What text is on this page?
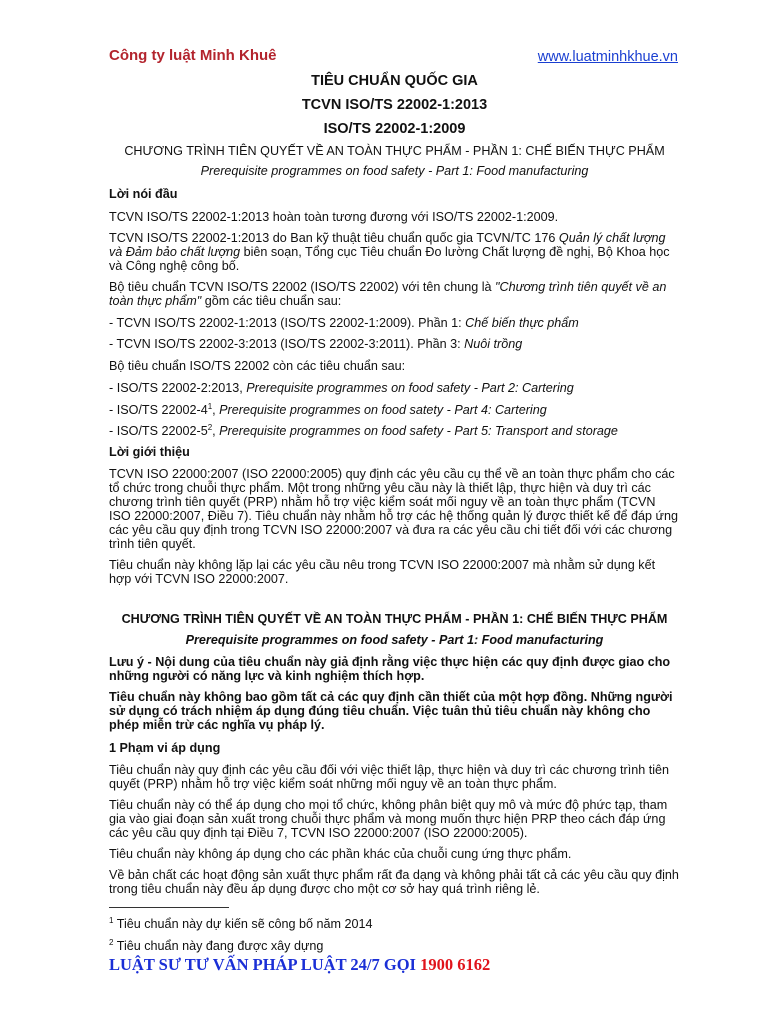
Công ty luật Minh Khuê	www.luatminhkhue.vn

TIÊU CHUẨN QUỐC GIA

TCVN ISO/TS 22002-1:2013

ISO/TS 22002-1:2009

CHƯƠNG TRÌNH TIÊN QUYẾT VỀ AN TOÀN THỰC PHẨM - PHẦN 1: CHẾ BIẾN THỰC PHẨM

Prerequisite programmes on food safety - Part 1: Food manufacturing

Lời nói đầu

TCVN ISO/TS 22002-1:2013 hoàn toàn tương đương với ISO/TS 22002-1:2009.

TCVN ISO/TS 22002-1:2013 do Ban kỹ thuật tiêu chuẩn quốc gia TCVN/TC 176 Quản lý chất lượng và Đảm bảo chất lượng biên soạn, Tổng cục Tiêu chuẩn Đo lường Chất lượng đề nghị, Bộ Khoa học và Công nghệ công bố.

Bộ tiêu chuẩn TCVN ISO/TS 22002 (ISO/TS 22002) với tên chung là "Chương trình tiên quyết về an toàn thực phẩm" gồm các tiêu chuẩn sau:

- TCVN ISO/TS 22002-1:2013 (ISO/TS 22002-1:2009). Phần 1: Chế biến thực phẩm

- TCVN ISO/TS 22002-3:2013 (ISO/TS 22002-3:2011). Phần 3: Nuôi trồng

Bộ tiêu chuẩn ISO/TS 22002 còn các tiêu chuẩn sau:

- ISO/TS 22002-2:2013, Prerequisite programmes on food safety - Part 2: Cartering

- ISO/TS $22002-4^1$, Prerequisite programmes on food satety - Part 4: Cartering

- ISO/TS $22002-5^2$, Prerequisite programmes on food safety - Part 5: Transport and storage

Lời giới thiệu

TCVN ISO 22000:2007 (ISO 22000:2005) quy định các yêu cầu cụ thể về an toàn thực phẩm cho các tổ chức trong chuỗi thực phẩm. Một trong những yêu cầu này là thiết lập, thực hiện và duy trì các chương trình tiên quyết (PRP) nhằm hỗ trợ việc kiểm soát mối nguy về an toàn thực phẩm (TCVN ISO 22000:2007, Điều 7). Tiêu chuẩn này nhằm hỗ trợ các hệ thống quản lý được thiết kế để đáp ứng các yêu cầu quy định trong TCVN ISO 22000:2007 và đưa ra các yêu cầu chi tiết đối với các chương trình tiên quyết.

Tiêu chuẩn này không lặp lại các yêu cầu nêu trong TCVN ISO 22000:2007 mà nhằm sử dụng kết hợp với TCVN ISO 22000:2007.

CHƯƠNG TRÌNH TIÊN QUYẾT VỀ AN TOÀN THỰC PHẨM - PHẦN 1: CHẾ BIẾN THỰC PHẨM

Prerequisite programmes on food safety - Part 1: Food manufacturing

Lưu ý - Nội dung của tiêu chuẩn này giả định rằng việc thực hiện các quy định được giao cho những người có năng lực và kinh nghiệm thích hợp.

Tiêu chuẩn này không bao gồm tất cả các quy định cần thiết của một hợp đồng. Những người sử dụng có trách nhiệm áp dụng đúng tiêu chuẩn. Việc tuân thủ tiêu chuẩn này không cho phép miễn trừ các nghĩa vụ pháp lý.

1 Phạm vi áp dụng

Tiêu chuẩn này quy định các yêu cầu đối với việc thiết lập, thực hiện và duy trì các chương trình tiên quyết (PRP) nhằm hỗ trợ việc kiểm soát những mối nguy về an toàn thực phẩm.

Tiêu chuẩn này có thể áp dụng cho mọi tổ chức, không phân biệt quy mô và mức độ phức tạp, tham gia vào giai đoạn sản xuất trong chuỗi thực phẩm và mong muốn thực hiện PRP theo cách đáp ứng các yêu cầu quy định tại Điều 7, TCVN ISO 22000:2007 (ISO 22000:2005).

Tiêu chuẩn này không áp dụng cho các phần khác của chuỗi cung ứng thực phẩm.

Về bản chất các hoạt động sản xuất thực phẩm rất đa dạng và không phải tất cả các yêu cầu quy định trong tiêu chuẩn này đều áp dụng được cho một cơ sở hay quá trình riêng lẻ.

$^1$ Tiêu chuẩn này dự kiến sẽ công bố năm 2014
$^2$ Tiêu chuẩn này đang được xây dựng
LUẬT SƯ TƯ VẤN PHÁP LUẬT 24/7 GỌI 1900 6162
